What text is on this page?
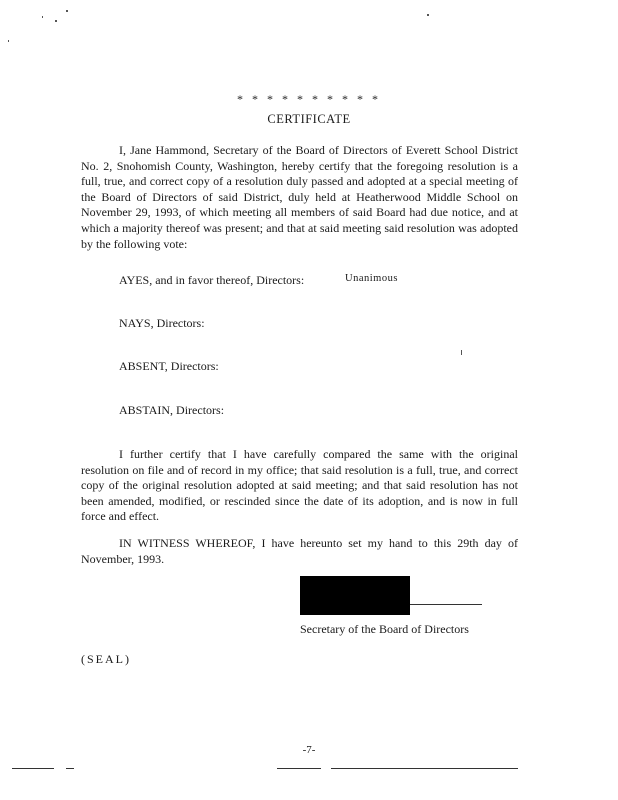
* * * * * * * * * *
CERTIFICATE

I, Jane Hammond, Secretary of the Board of Directors of Everett School District No. 2, Snohomish County, Washington, hereby certify that the foregoing resolution is a full, true, and correct copy of a resolution duly passed and adopted at a special meeting of the Board of Directors of said District, duly held at Heatherwood Middle School on November 29, 1993, of which meeting all members of said Board had due notice, and at which a majority thereof was present; and that at said meeting said resolution was adopted by the following vote:

AYES, and in favor thereof, Directors:	Unanimous
NAYS, Directors:
ABSENT, Directors:
ABSTAIN, Directors:

I further certify that I have carefully compared the same with the original resolution on file and of record in my office; that said resolution is a full, true, and correct copy of the original resolution adopted at said meeting; and that said resolution has not been amended, modified, or rescinded since the date of its adoption, and is now in full force and effect.

IN WITNESS WHEREOF, I have hereunto set my hand to this 29th day of November, 1993.

Secretary of the Board of Directors
(SEAL)
-7-
